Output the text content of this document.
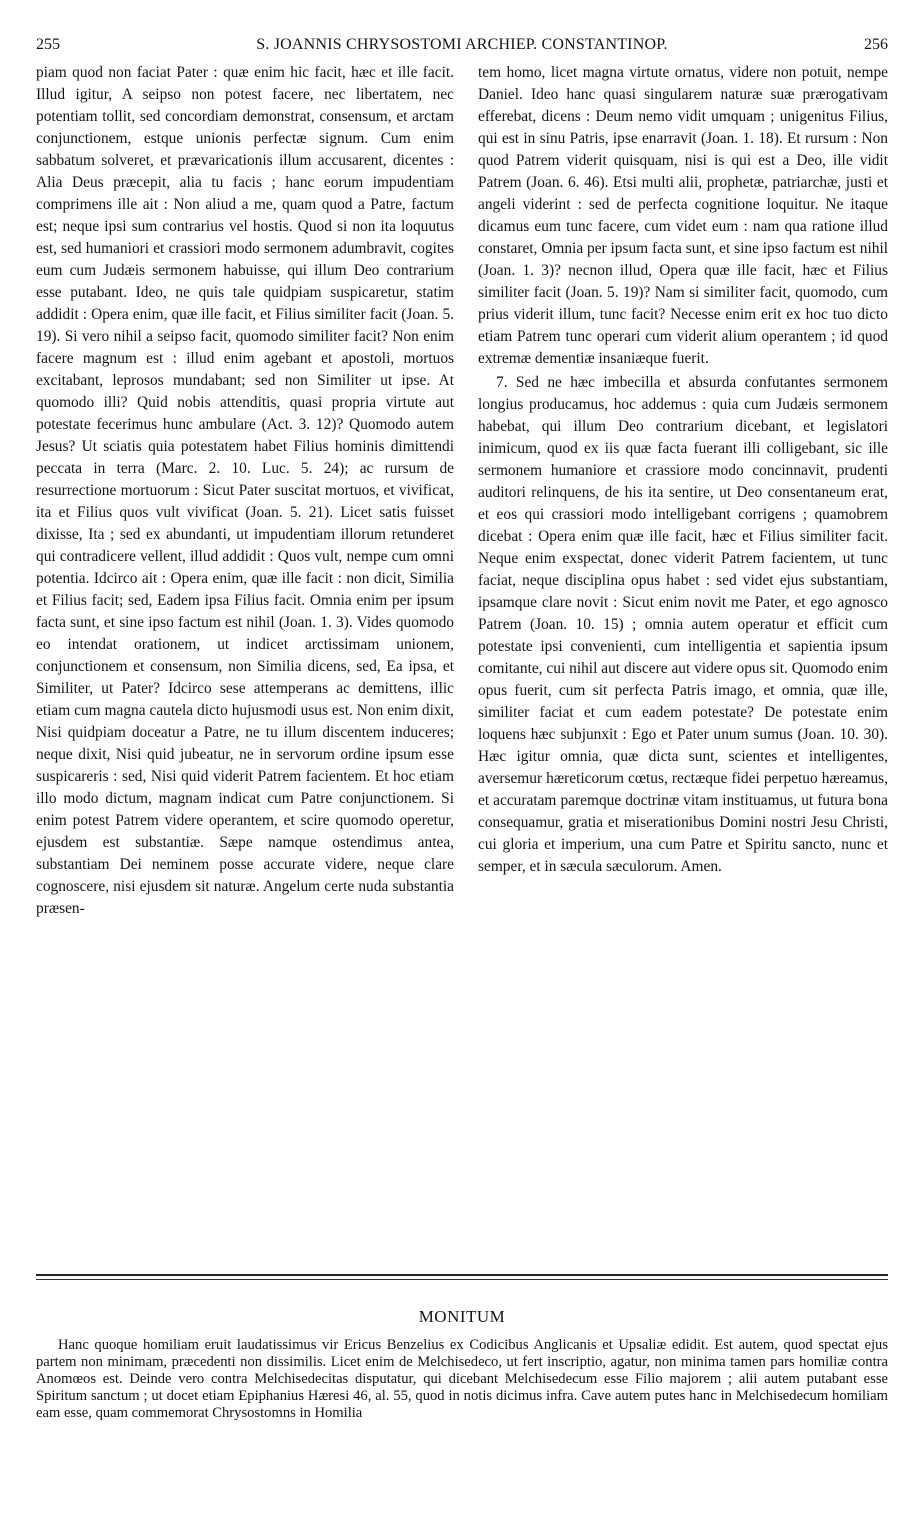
255	S. JOANNIS CHRYSOSTOMI ARCHIEP. CONSTANTINOP.	256

piam quod non faciat Pater : quæ enim hic facit, hæc et ille facit. Illud igitur, A seipso non potest facere, nec libertatem, nec potentiam tollit, sed concordiam demonstrat, consensum, et arctam conjunctionem, estque unionis perfectæ signum. Cum enim sabbatum solveret, et prævaricationis illum accusarent, dicentes : Alia Deus præcepit, alia tu facis ; hanc eorum impudentiam comprimens ille ait : Non aliud a me, quam quod a Patre, factum est; neque ipsi sum contrarius vel hostis. Quod si non ita loquutus est, sed humaniori et crassiori modo sermonem adumbravit, cogites eum cum Judæis sermonem habuisse, qui illum Deo contrarium esse putabant. Ideo, ne quis tale quidpiam suspicaretur, statim addidit : Opera enim, quæ ille facit, et Filius similiter facit (Joan. 5. 19). Si vero nihil a seipso facit, quomodo similiter facit? Non enim facere magnum est : illud enim agebant et apostoli, mortuos excitabant, leprosos mundabant; sed non Similiter ut ipse. At quomodo illi? Quid nobis attenditis, quasi propria virtute aut potestate fecerimus hunc ambulare (Act. 3. 12)? Quomodo autem Jesus? Ut sciatis quia potestatem habet Filius hominis dimittendi peccata in terra (Marc. 2. 10. Luc. 5. 24); ac rursum de resurrectione mortuorum : Sicut Pater suscitat mortuos, et vivificat, ita et Filius quos vult vivificat (Joan. 5. 21). Licet satis fuisset dixisse, Ita ; sed ex abundanti, ut impudentiam illorum retunderet qui contradicere vellent, illud addidit : Quos vult, nempe cum omni potentia. Idcirco ait : Opera enim, quæ ille facit : non dicit, Similia et Filius facit; sed, Eadem ipsa Filius facit. Omnia enim per ipsum facta sunt, et sine ipso factum est nihil (Joan. 1. 3). Vides quomodo eo intendat orationem, ut indicet arctissimam unionem, conjunctionem et consensum, non Similia dicens, sed, Ea ipsa, et Similiter, ut Pater? Idcirco sese attemperans ac demittens, illic etiam cum magna cautela dicto hujusmodi usus est. Non enim dixit, Nisi quidpiam doceatur a Patre, ne tu illum discentem induceres; neque dixit, Nisi quid jubeatur, ne in servorum ordine ipsum esse suspicareris : sed, Nisi quid viderit Patrem facientem. Et hoc etiam illo modo dictum, magnam indicat cum Patre conjunctionem. Si enim potest Patrem videre operantem, et scire quomodo operetur, ejusdem est substantiæ. Sæpe namque ostendimus antea, substantiam Dei neminem posse accurate videre, neque clare cognoscere, nisi ejusdem sit naturæ. Angelum certe nuda substantia præsen-

tem homo, licet magna virtute ornatus, videre non potuit, nempe Daniel. Ideo hanc quasi singularem naturæ suæ prærogativam efferebat, dicens : Deum nemo vidit umquam ; unigenitus Filius, qui est in sinu Patris, ipse enarravit (Joan. 1. 18). Et rursum : Non quod Patrem viderit quisquam, nisi is qui est a Deo, ille vidit Patrem (Joan. 6. 46). Etsi multi alii, prophetæ, patriarchæ, justi et angeli viderint : sed de perfecta cognitione loquitur. Ne itaque dicamus eum tunc facere, cum videt eum : nam qua ratione illud constaret, Omnia per ipsum facta sunt, et sine ipso factum est nihil (Joan. 1. 3)? necnon illud, Opera quæ ille facit, hæc et Filius similiter facit (Joan. 5. 19)? Nam si similiter facit, quomodo, cum prius viderit illum, tunc facit? Necesse enim erit ex hoc tuo dicto etiam Patrem tunc operari cum viderit alium operantem ; id quod extremæ dementiæ insaniæque fuerit.

7. Sed ne hæc imbecilla et absurda confutantes sermonem longius producamus, hoc addemus : quia cum Judæis sermonem habebat, qui illum Deo contrarium dicebant, et legislatori inimicum, quod ex iis quæ facta fuerant illi colligebant, sic ille sermonem humaniore et crassiore modo concinnavit, prudenti auditori relinquens, de his ita sentire, ut Deo consentaneum erat, et eos qui crassiori modo intelligebant corrigens ; quamobrem dicebat : Opera enim quæ ille facit, hæc et Filius similiter facit. Neque enim exspectat, donec viderit Patrem facientem, ut tunc faciat, neque disciplina opus habet : sed videt ejus substantiam, ipsamque clare novit : Sicut enim novit me Pater, et ego agnosco Patrem (Joan. 10. 15) ; omnia autem operatur et efficit cum potestate ipsi convenienti, cum intelligentia et sapientia ipsum comitante, cui nihil aut discere aut videre opus sit. Quomodo enim opus fuerit, cum sit perfecta Patris imago, et omnia, quæ ille, similiter faciat et cum eadem potestate? De potestate enim loquens hæc subjunxit : Ego et Pater unum sumus (Joan. 10. 30). Hæc igitur omnia, quæ dicta sunt, scientes et intelligentes, aversemur hæreticorum cœtus, rectæque fidei perpetuo hæreamus, et accuratam paremque doctrinæ vitam instituamus, ut futura bona consequamur, gratia et miserationibus Domini nostri Jesu Christi, cui gloria et imperium, una cum Patre et Spiritu sancto, nunc et semper, et in sæcula sæculorum. Amen.

MONITUM

Hanc quoque homiliam eruit laudatissimus vir Ericus Benzelius ex Codicibus Anglicanis et Upsaliæ edidit. Est autem, quod spectat ejus partem non minimam, præcedenti non dissimilis. Licet enim de Melchisedeco, ut fert inscriptio, agatur, non minima tamen pars homiliæ contra Anomœos est. Deinde vero contra Melchisedecitas disputatur, qui dicebant Melchisedecum esse Filio majorem ; alii autem putabant esse Spiritum sanctum ; ut docet etiam Epiphanius Hæresi 46, al. 55, quod in notis dicimus infra. Cave autem putes hanc in Melchisedecum homiliam eam esse, quam commemorat Chrysostomns in Homilia
